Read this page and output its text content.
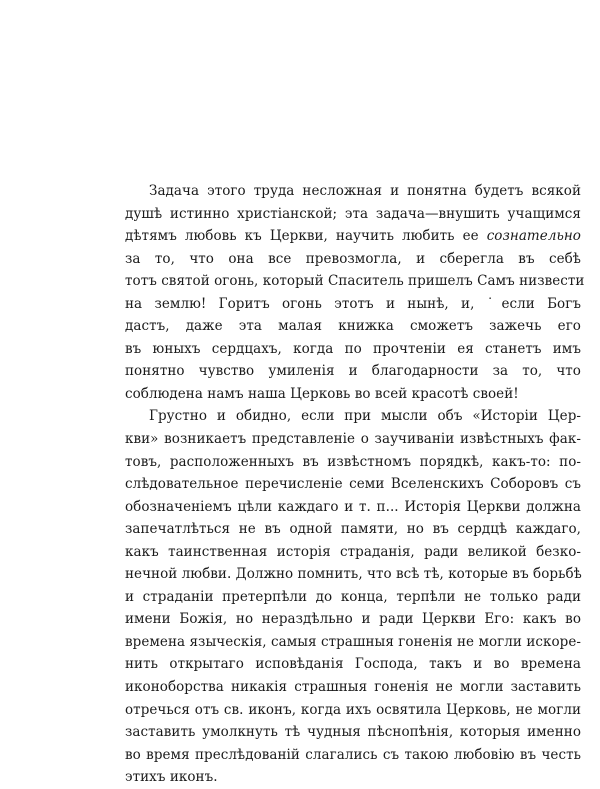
Задача этого труда несложная и понятна будетъ всякой
душѣ истинно христіанской; эта задача—внушить учащимся
дѣтямъ любовь къ Церкви, научить любить ее сознательно
за то, что она все превозмогла, и сберегла въ себѣ
тотъ святой огонь, который Спаситель пришелъ Самъ низвести
на землю! Горитъ огонь этотъ и нынѣ, и, ˙если Богъ
дастъ, даже эта малая книжка сможетъ зажечь его
въ юныхъ сердцахъ, когда по прочтеніи ея станетъ имъ
понятно чувство умиленія и благодарности за то, что
соблюдена намъ наша Церковь во всей красотѣ своей!
Грустно и обидно, если при мысли объ «Исторіи Цер-
кви» возникаетъ представленіе о заучиваніи извѣстныхъ фак-
товъ, расположенныхъ въ извѣстномъ порядкѣ, какъ-то: по-
слѣдовательное перечисленіе семи Вселенскихъ Соборовъ съ
обозначеніемъ цѣли каждаго и т. п... Исторія Церкви должна
запечатлѣться не въ одной памяти, но въ сердцѣ каждаго,
какъ таинственная исторія страданія, ради великой безко-
нечной любви. Должно помнить, что всѣ тѣ, которые въ борьбѣ
и страданіи претерпѣли до конца, терпѣли не только ради
имени Божія, но нераздѣльно и ради Церкви Его: какъ во
времена языческія, самыя страшныя гоненія не могли искоре-
нить открытаго исповѣданія Господа, такъ и во времена
иконоборства никакія страшныя гоненія не могли заставить
отречься отъ св. иконъ, когда ихъ освятила Церковь, не могли
заставить умолкнуть тѣ чудныя пѣснопѣнія, которыя именно
во время преслѣдованій слагались съ такою любовію въ честь
этихъ иконъ.
